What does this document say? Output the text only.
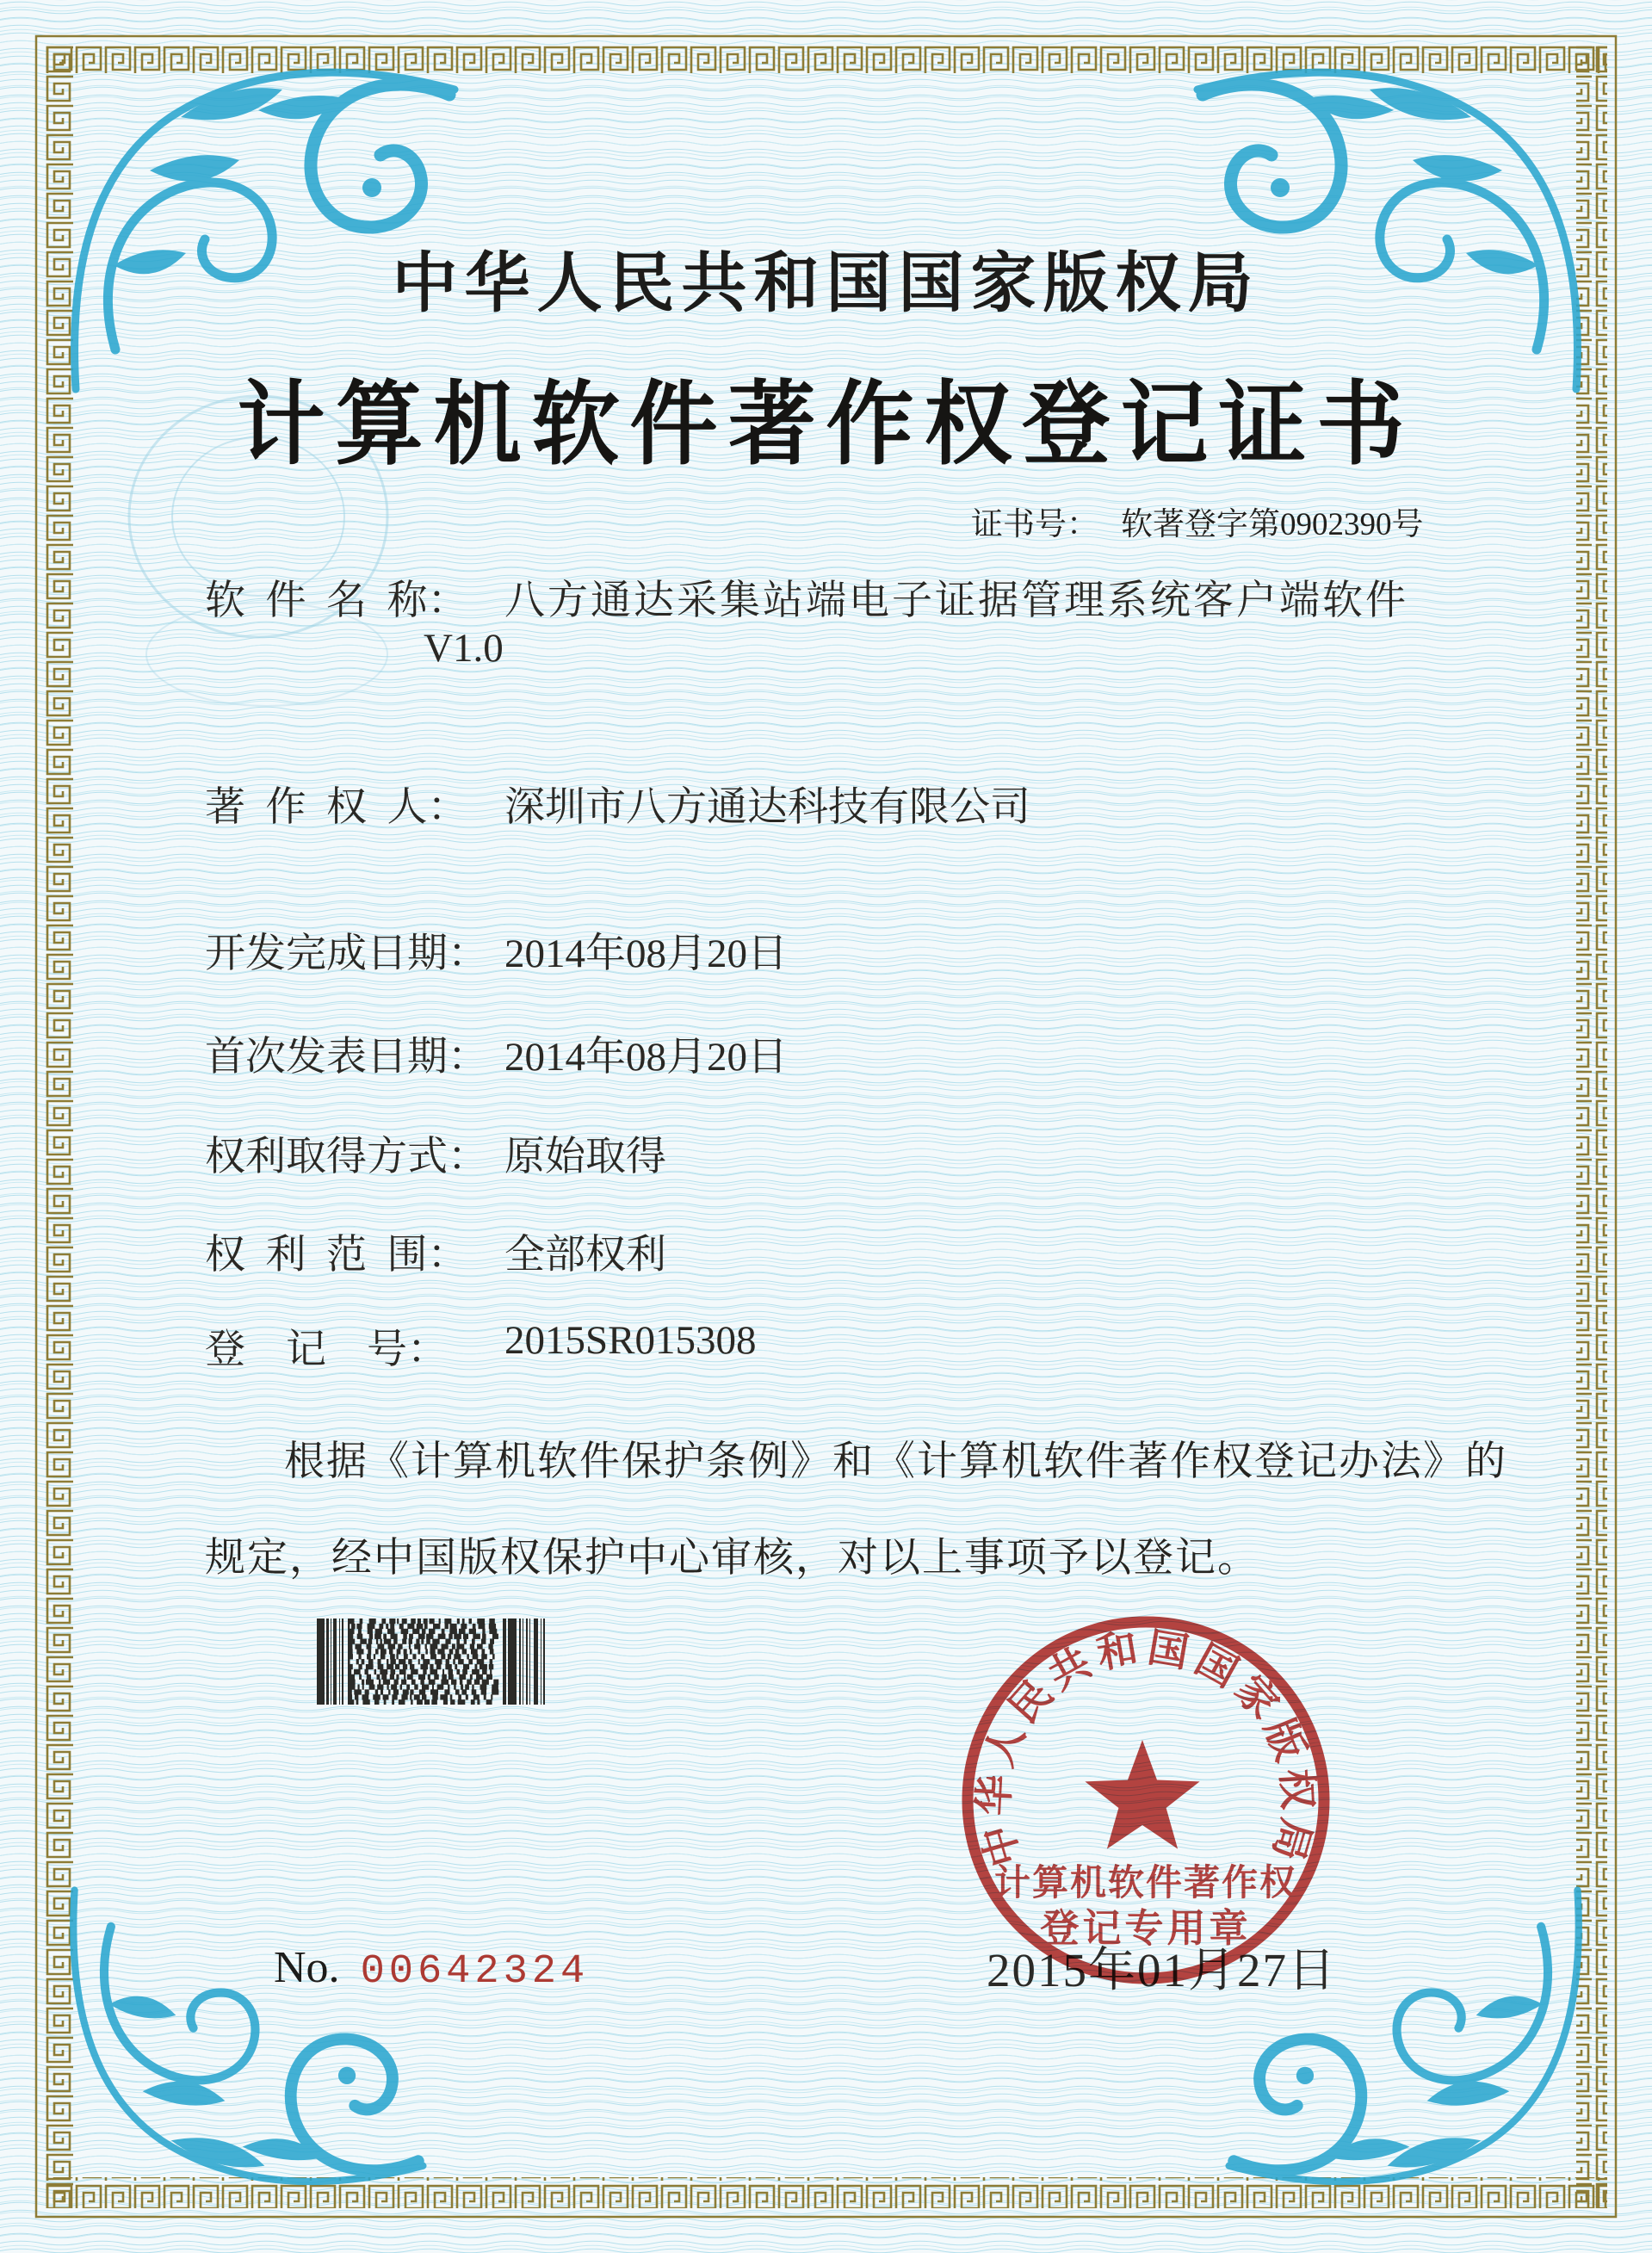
中华人民共和国国家版权局
计算机软件著作权登记证书
证书号： 软著登字第0902390号
软  件  名  称： 八方通达采集站端电子证据管理系统客户端软件
V1.0
著  作  权  人： 深圳市八方通达科技有限公司
开发完成日期： 2014年08月20日
首次发表日期： 2014年08月20日
权利取得方式： 原始取得
权  利  范  围： 全部权利
登    记    号：	2015SR015308
根据《计算机软件保护条例》和《计算机软件著作权登记办法》的
规定，经中国版权保护中心审核，对以上事项予以登记。
2015年01月27日
中华人民共和国国家版权局
计算机软件著作权
登记专用章
No. 00642324
